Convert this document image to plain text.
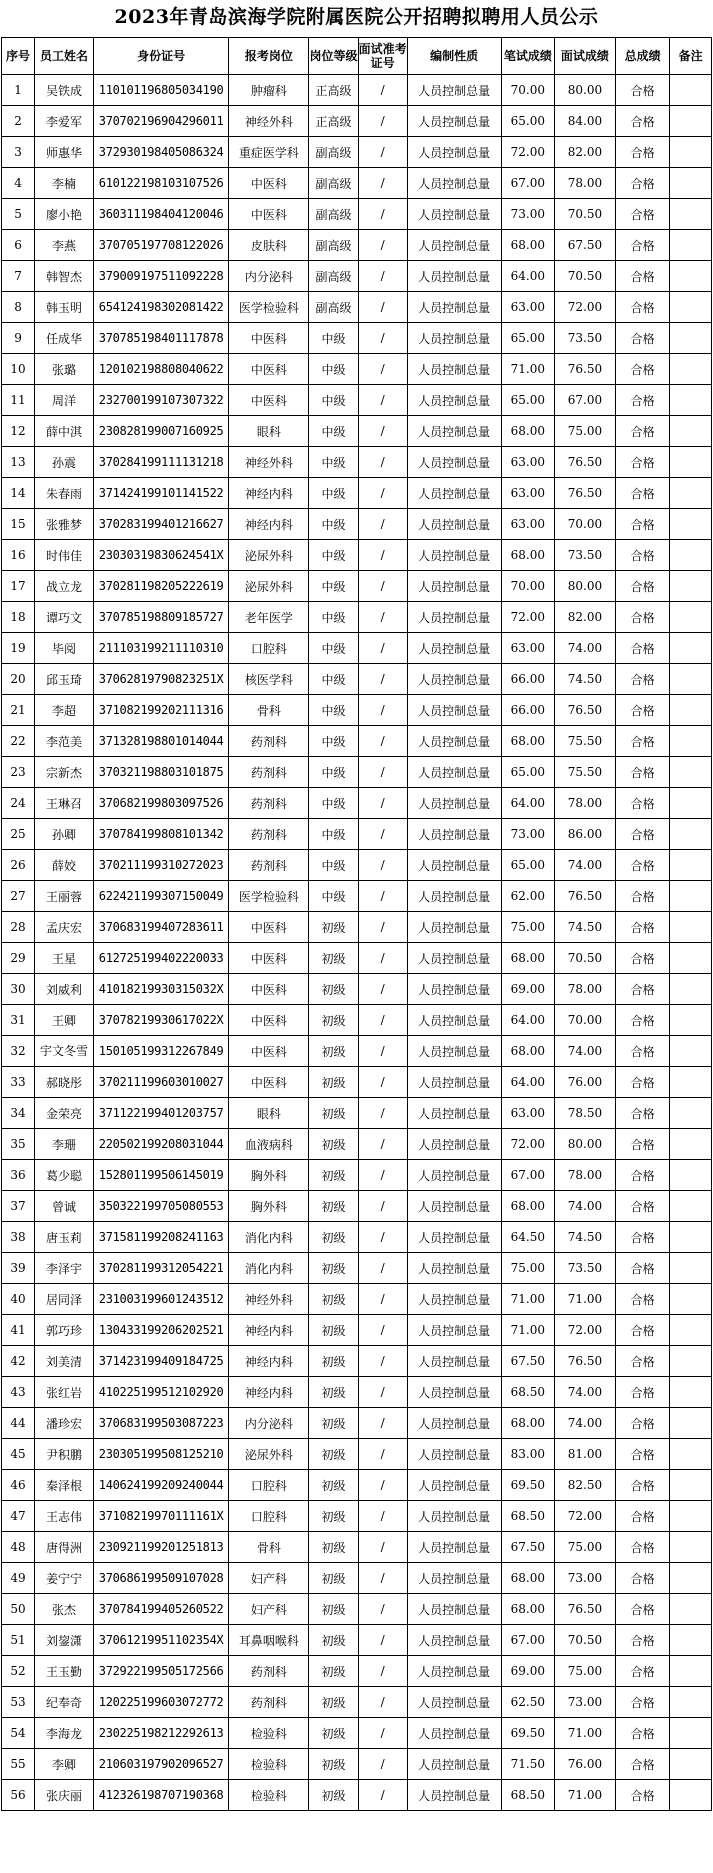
2023年青岛滨海学院附属医院公开招聘拟聘用人员公示
序号	员工姓名	身份证号	报考岗位	岗位等级	面试准考证号	编制性质	笔试成绩	面试成绩	总成绩	备注
1	吴铁成	110101196805034190	肿瘤科	正高级	/	人员控制总量	70.00	80.00	合格	
2	李爱军	370702196904296011	神经外科	正高级	/	人员控制总量	65.00	84.00	合格	
3	师惠华	372930198405086324	重症医学科	副高级	/	人员控制总量	72.00	82.00	合格	
4	李楠	610122198103107526	中医科	副高级	/	人员控制总量	67.00	78.00	合格	
5	廖小艳	360311198404120046	中医科	副高级	/	人员控制总量	73.00	70.50	合格	
6	李燕	370705197708122026	皮肤科	副高级	/	人员控制总量	68.00	67.50	合格	
7	韩智杰	379009197511092228	内分泌科	副高级	/	人员控制总量	64.00	70.50	合格	
8	韩玉明	654124198302081422	医学检验科	副高级	/	人员控制总量	63.00	72.00	合格	
9	任成华	370785198401117878	中医科	中级	/	人员控制总量	65.00	73.50	合格	
10	张璐	120102198808040622	中医科	中级	/	人员控制总量	71.00	76.50	合格	
11	周洋	232700199107307322	中医科	中级	/	人员控制总量	65.00	67.00	合格	
12	薛中淇	230828199007160925	眼科	中级	/	人员控制总量	68.00	75.00	合格	
13	孙震	370284199111131218	神经外科	中级	/	人员控制总量	63.00	76.50	合格	
14	朱春雨	371424199101141522	神经内科	中级	/	人员控制总量	63.00	76.50	合格	
15	张雅梦	370283199401216627	神经内科	中级	/	人员控制总量	63.00	70.00	合格	
16	时伟佳	23030319830624541X	泌尿外科	中级	/	人员控制总量	68.00	73.50	合格	
17	战立龙	370281198205222619	泌尿外科	中级	/	人员控制总量	70.00	80.00	合格	
18	谭巧文	370785198809185727	老年医学	中级	/	人员控制总量	72.00	82.00	合格	
19	毕阅	211103199211110310	口腔科	中级	/	人员控制总量	63.00	74.00	合格	
20	邱玉琦	37062819790823251X	核医学科	中级	/	人员控制总量	66.00	74.50	合格	
21	李超	371082199202111316	骨科	中级	/	人员控制总量	66.00	76.50	合格	
22	李范美	371328198801014044	药剂科	中级	/	人员控制总量	68.00	75.50	合格	
23	宗新杰	370321198803101875	药剂科	中级	/	人员控制总量	65.00	75.50	合格	
24	王琳召	370682199803097526	药剂科	中级	/	人员控制总量	64.00	78.00	合格	
25	孙卿	370784199808101342	药剂科	中级	/	人员控制总量	73.00	86.00	合格	
26	薛姣	370211199310272023	药剂科	中级	/	人员控制总量	65.00	74.00	合格	
27	王丽蓉	622421199307150049	医学检验科	中级	/	人员控制总量	62.00	76.50	合格	
28	孟庆宏	370683199407283611	中医科	初级	/	人员控制总量	75.00	74.50	合格	
29	王星	612725199402220033	中医科	初级	/	人员控制总量	68.00	70.50	合格	
30	刘威利	41018219930315032X	中医科	初级	/	人员控制总量	69.00	78.00	合格	
31	王卿	37078219930617022X	中医科	初级	/	人员控制总量	64.00	70.00	合格	
32	宇文冬雪	150105199312267849	中医科	初级	/	人员控制总量	68.00	74.00	合格	
33	郝晓彤	370211199603010027	中医科	初级	/	人员控制总量	64.00	76.00	合格	
34	金荣亮	371122199401203757	眼科	初级	/	人员控制总量	63.00	78.50	合格	
35	李珊	220502199208031044	血液病科	初级	/	人员控制总量	72.00	80.00	合格	
36	葛少聪	152801199506145019	胸外科	初级	/	人员控制总量	67.00	78.00	合格	
37	曾诚	350322199705080553	胸外科	初级	/	人员控制总量	68.00	74.00	合格	
38	唐玉莉	371581199208241163	消化内科	初级	/	人员控制总量	64.50	74.50	合格	
39	李泽宇	370281199312054221	消化内科	初级	/	人员控制总量	75.00	73.50	合格	
40	居同泽	231003199601243512	神经外科	初级	/	人员控制总量	71.00	71.00	合格	
41	郭巧珍	130433199206202521	神经内科	初级	/	人员控制总量	71.00	72.00	合格	
42	刘美清	371423199409184725	神经内科	初级	/	人员控制总量	67.50	76.50	合格	
43	张红岩	410225199512102920	神经内科	初级	/	人员控制总量	68.50	74.00	合格	
44	潘珍宏	370683199503087223	内分泌科	初级	/	人员控制总量	68.00	74.00	合格	
45	尹积鹏	230305199508125210	泌尿外科	初级	/	人员控制总量	83.00	81.00	合格	
46	秦泽根	140624199209240044	口腔科	初级	/	人员控制总量	69.50	82.50	合格	
47	王志伟	37108219970111161X	口腔科	初级	/	人员控制总量	68.50	72.00	合格	
48	唐得洲	230921199201251813	骨科	初级	/	人员控制总量	67.50	75.00	合格	
49	姜宁宁	370686199509107028	妇产科	初级	/	人员控制总量	68.00	73.00	合格	
50	张杰	370784199405260522	妇产科	初级	/	人员控制总量	68.00	76.50	合格	
51	刘鋆潇	37061219951102354X	耳鼻咽喉科	初级	/	人员控制总量	67.00	70.50	合格	
52	王玉勤	372922199505172566	药剂科	初级	/	人员控制总量	69.00	75.00	合格	
53	纪奉奇	120225199603072772	药剂科	初级	/	人员控制总量	62.50	73.00	合格	
54	李海龙	230225198212292613	检验科	初级	/	人员控制总量	69.50	71.00	合格	
55	李卿	210603197902096527	检验科	初级	/	人员控制总量	71.50	76.00	合格	
56	张庆丽	412326198707190368	检验科	初级	/	人员控制总量	68.50	71.00	合格	
